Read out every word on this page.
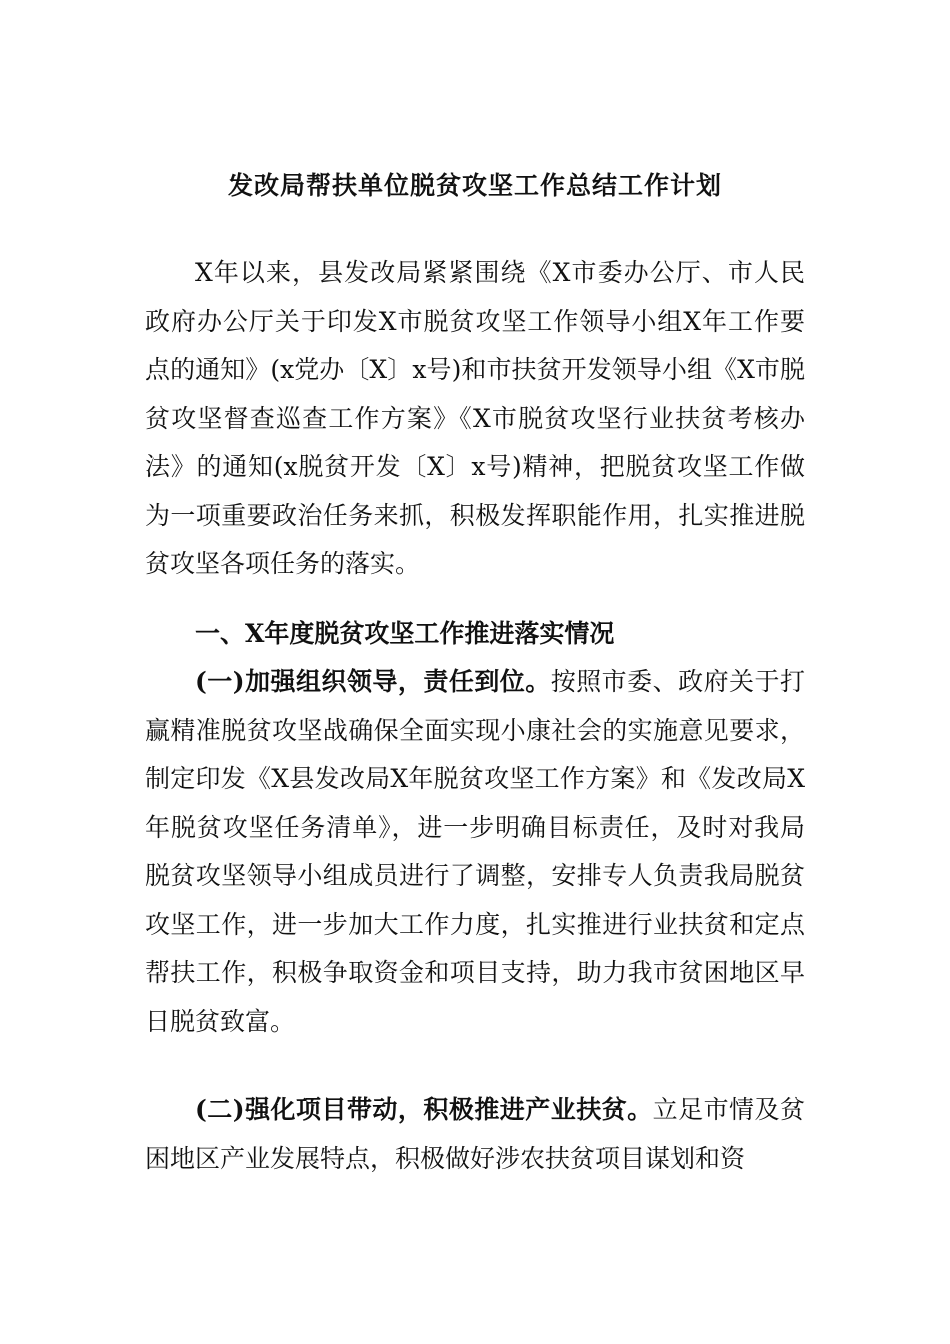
发改局帮扶单位脱贫攻坚工作总结工作计划

X年以来，县发改局紧紧围绕《X市委办公厅、市人民政府办公厅关于印发X市脱贫攻坚工作领导小组X年工作要点的通知》(x党办〔X〕x号)和市扶贫开发领导小组《X市脱贫攻坚督查巡查工作方案》《X市脱贫攻坚行业扶贫考核办法》的通知(x脱贫开发〔X〕x号)精神，把脱贫攻坚工作做为一项重要政治任务来抓，积极发挥职能作用，扎实推进脱贫攻坚各项任务的落实。

一、X年度脱贫攻坚工作推进落实情况

(一)加强组织领导，责任到位。按照市委、政府关于打赢精准脱贫攻坚战确保全面实现小康社会的实施意见要求，制定印发《X县发改局X年脱贫攻坚工作方案》和《发改局X年脱贫攻坚任务清单》，进一步明确目标责任，及时对我局脱贫攻坚领导小组成员进行了调整，安排专人负责我局脱贫攻坚工作，进一步加大工作力度，扎实推进行业扶贫和定点帮扶工作，积极争取资金和项目支持，助力我市贫困地区早日脱贫致富。

(二)强化项目带动，积极推进产业扶贫。立足市情及贫困地区产业发展特点，积极做好涉农扶贫项目谋划和资
